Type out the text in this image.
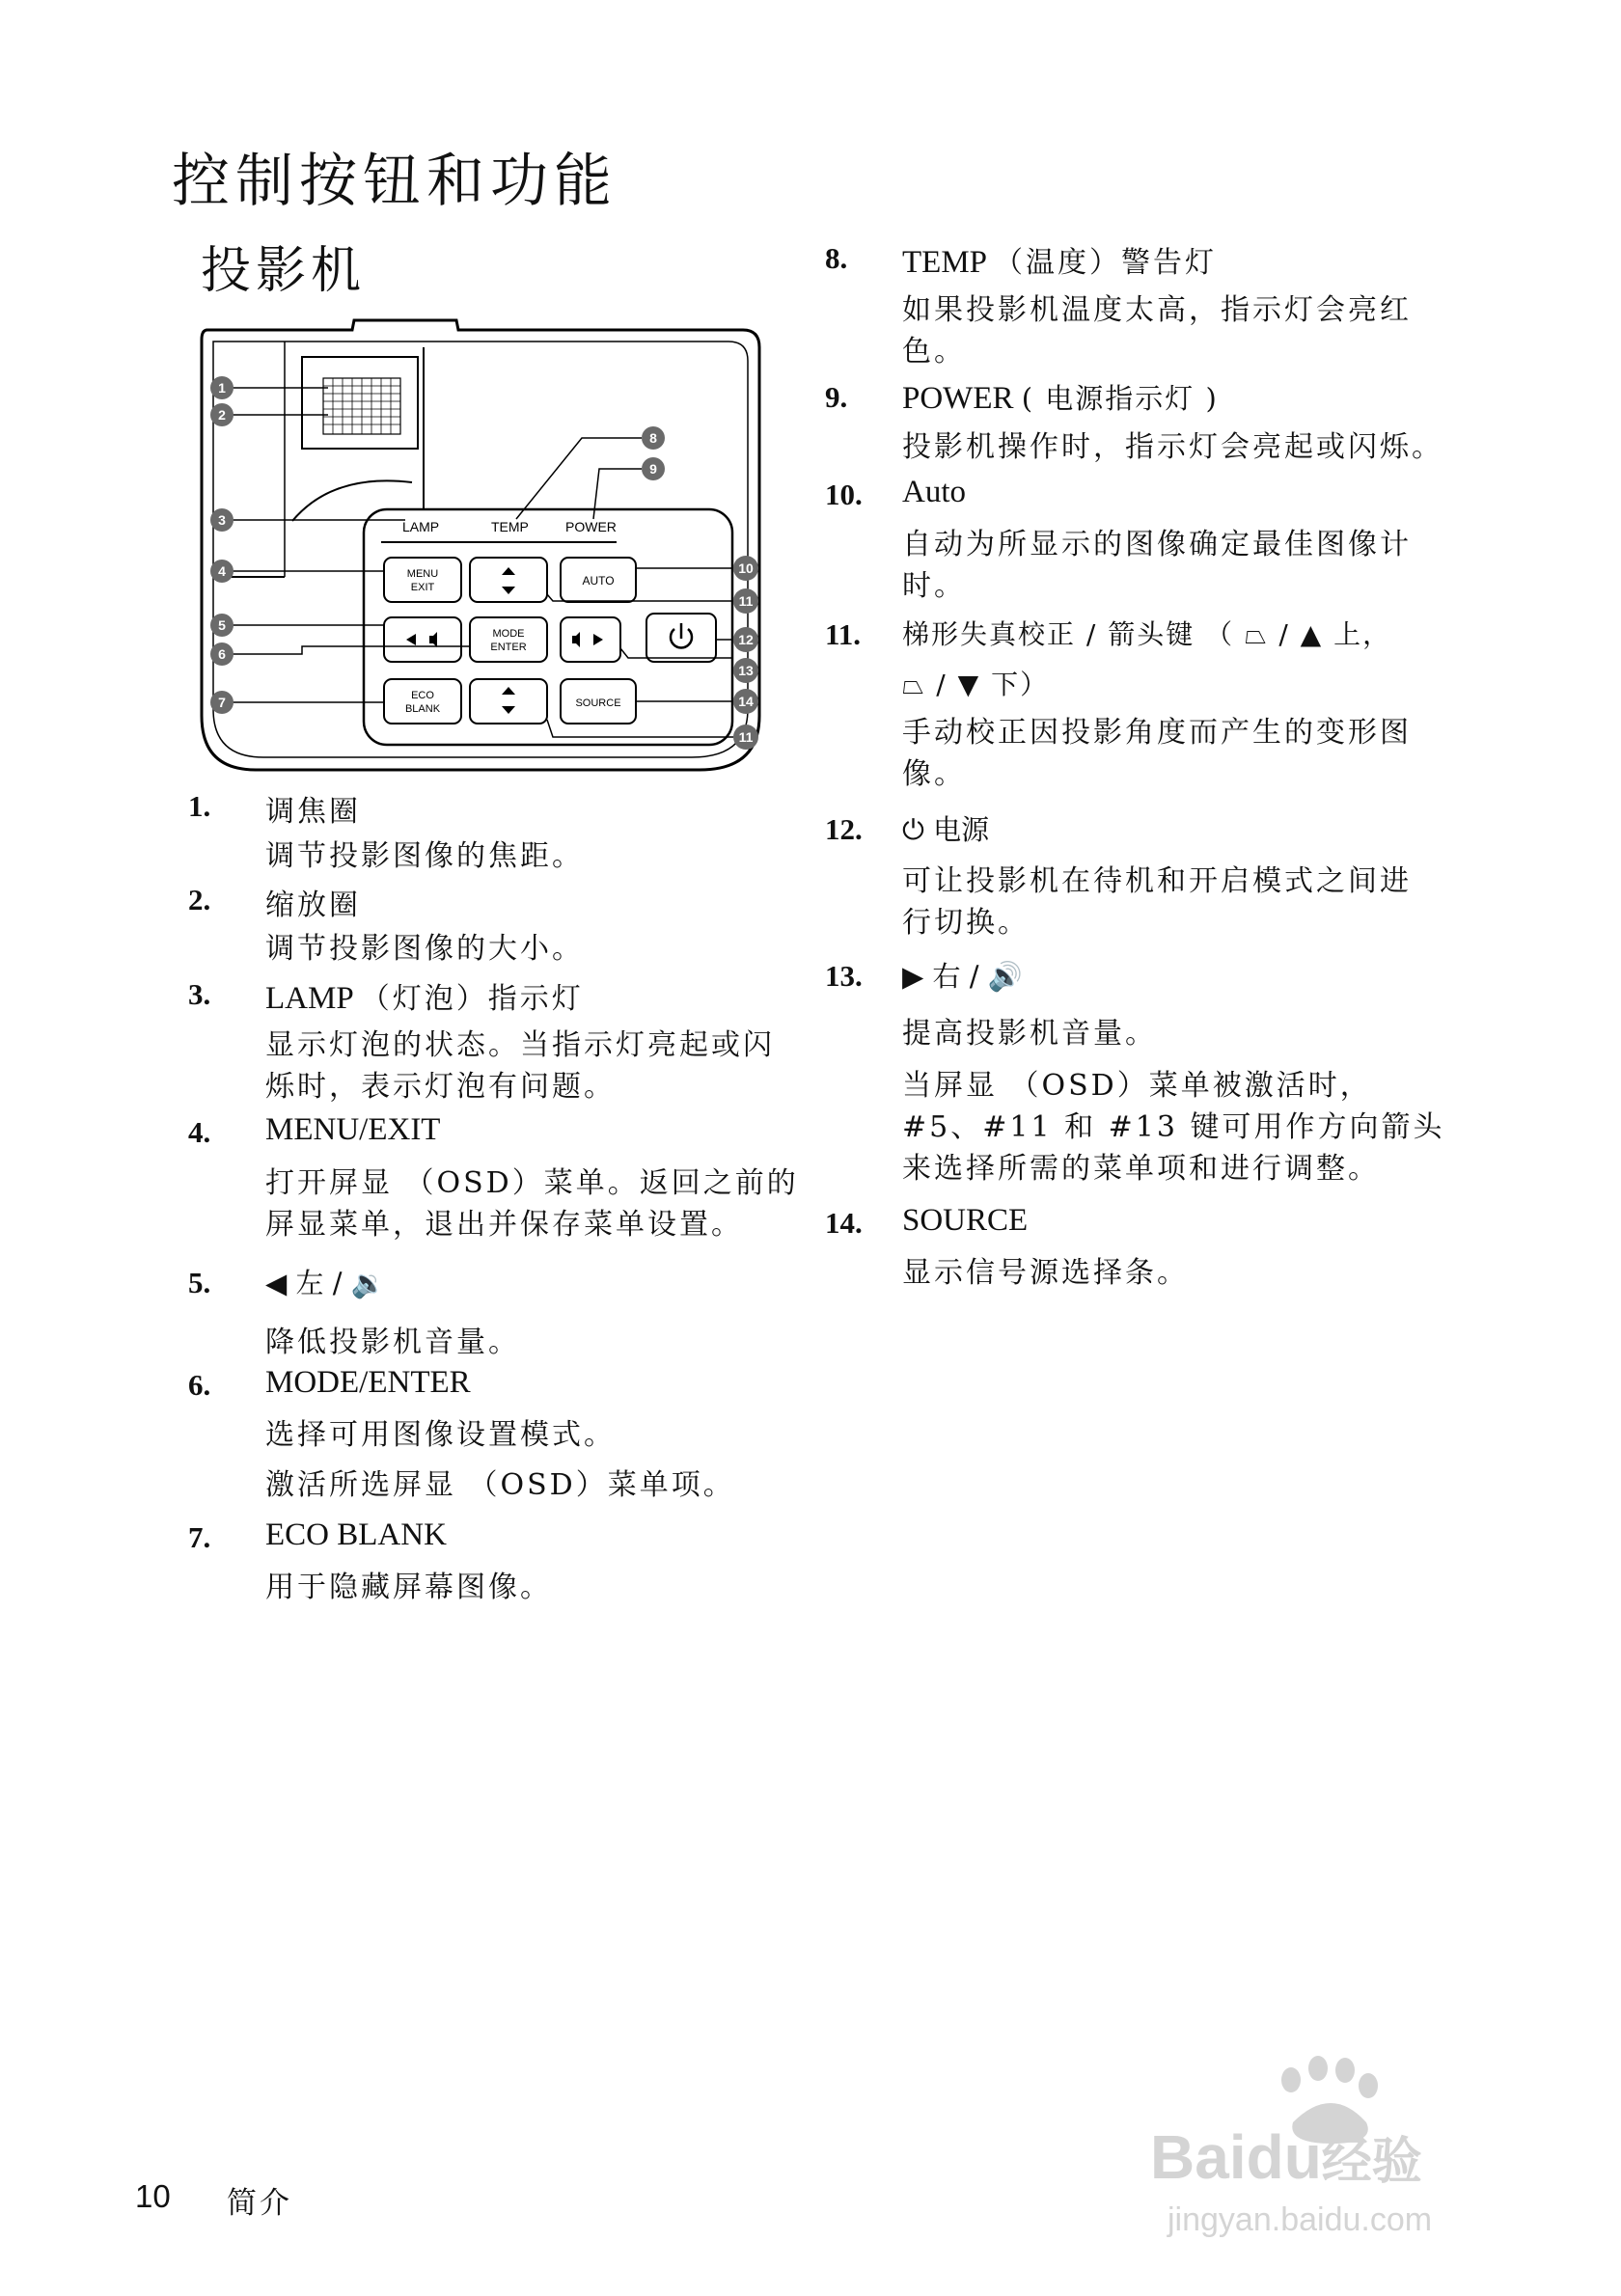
控制按钮和功能
投影机
LAMP	TEMP	POWER
MENU
EXIT
MODE
ENTER
ECO
BLANK
AUTO
SOURCE
1
2
3
4
5
6
7
8
9
10
11
12
13
14
11
1. 调焦圈
调节投影图像的焦距。
2. 缩放圈
调节投影图像的大小。
3. LAMP （灯泡）指示灯
显示灯泡的状态。当指示灯亮起或闪烁时，表示灯泡有问题。
4. MENU/EXIT
打开屏显 （OSD）菜单。返回之前的屏显菜单，退出并保存菜单设置。
5. ◀ 左 / 🔉
降低投影机音量。
6. MODE/ENTER
选择可用图像设置模式。
激活所选屏显 （OSD）菜单项。
7. ECO BLANK
用于隐藏屏幕图像。
8. TEMP （温度）警告灯
如果投影机温度太高，指示灯会亮红色。
9. POWER ( 电源指示灯 )
投影机操作时，指示灯会亮起或闪烁。
10. Auto
自动为所显示的图像确定最佳图像计时。
11. 梯形失真校正 / 箭头键 （ ⏢ / ▲ 上，
⏢ / ▼ 下）
手动校正因投影角度而产生的变形图像。
12. ⏻ 电源
可让投影机在待机和开启模式之间进行切换。
13. ▶ 右 / 🔊
提高投影机音量。
当屏显 （OSD）菜单被激活时， #5、#11 和 #13 键可用作方向箭头来选择所需的菜单项和进行调整。
14. SOURCE
显示信号源选择条。
10 简介
Baidu经验
jingyan.baidu.com
